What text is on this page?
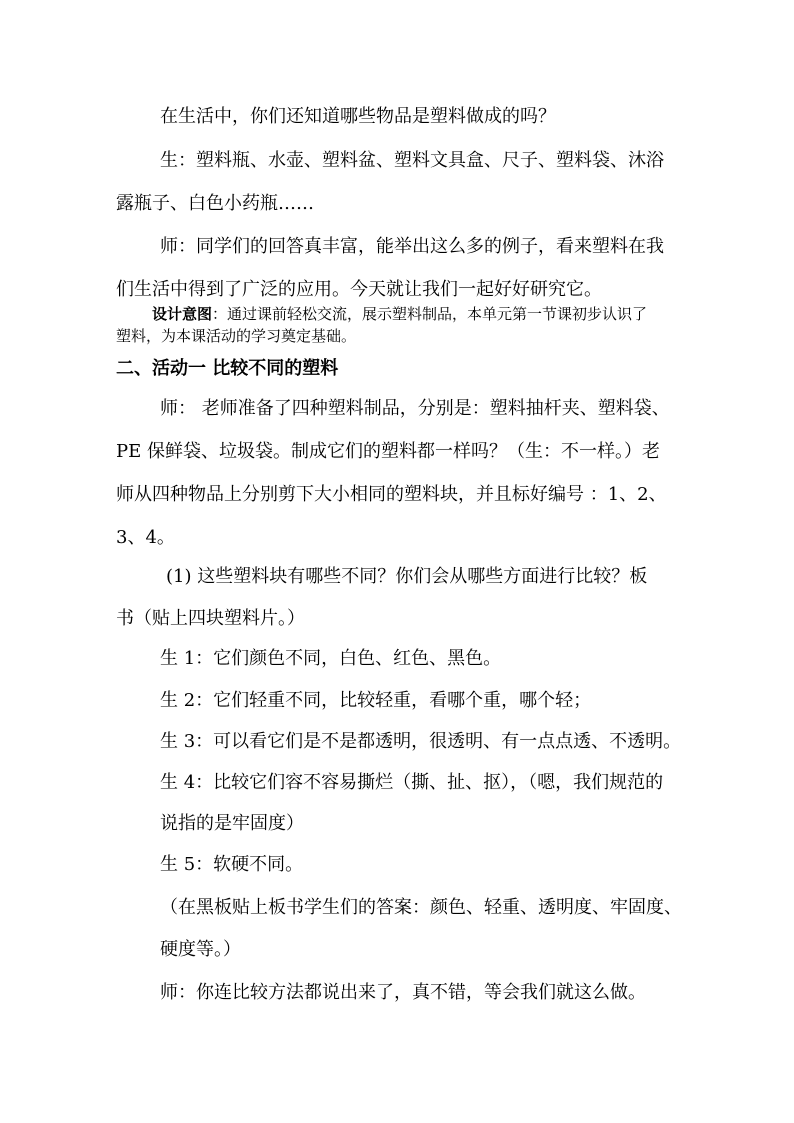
在生活中，你们还知道哪些物品是塑料做成的吗？
生：塑料瓶、水壶、塑料盆、塑料文具盒、尺子、塑料袋、沐浴
露瓶子、白色小药瓶……
师：同学们的回答真丰富，能举出这么多的例子，看来塑料在我
们生活中得到了广泛的应用。今天就让我们一起好好研究它。
设计意图：通过课前轻松交流，展示塑料制品，本单元第一节课初步认识了
塑料，为本课活动的学习奠定基础。
二、活动一 比较不同的塑料
师： 老师准备了四种塑料制品，分别是：塑料抽杆夹、塑料袋、
PE 保鲜袋、垃圾袋。制成它们的塑料都一样吗？（生：不一样。）老
师从四种物品上分别剪下大小相同的塑料块，并且标好编号 ：1、2、
3、4。
(1) 这些塑料块有哪些不同？你们会从哪些方面进行比较？板
书（贴上四块塑料片。）
生 1：它们颜色不同，白色、红色、黑色。
生 2：它们轻重不同，比较轻重，看哪个重，哪个轻；
生 3：可以看它们是不是都透明，很透明、有一点点透、不透明。
生 4：比较它们容不容易撕烂（撕、扯、抠），（嗯，我们规范的
说指的是牢固度）
生 5：软硬不同。
（在黑板贴上板书学生们的答案：颜色、轻重、透明度、牢固度、
硬度等。）
师：你连比较方法都说出来了，真不错，等会我们就这么做。
